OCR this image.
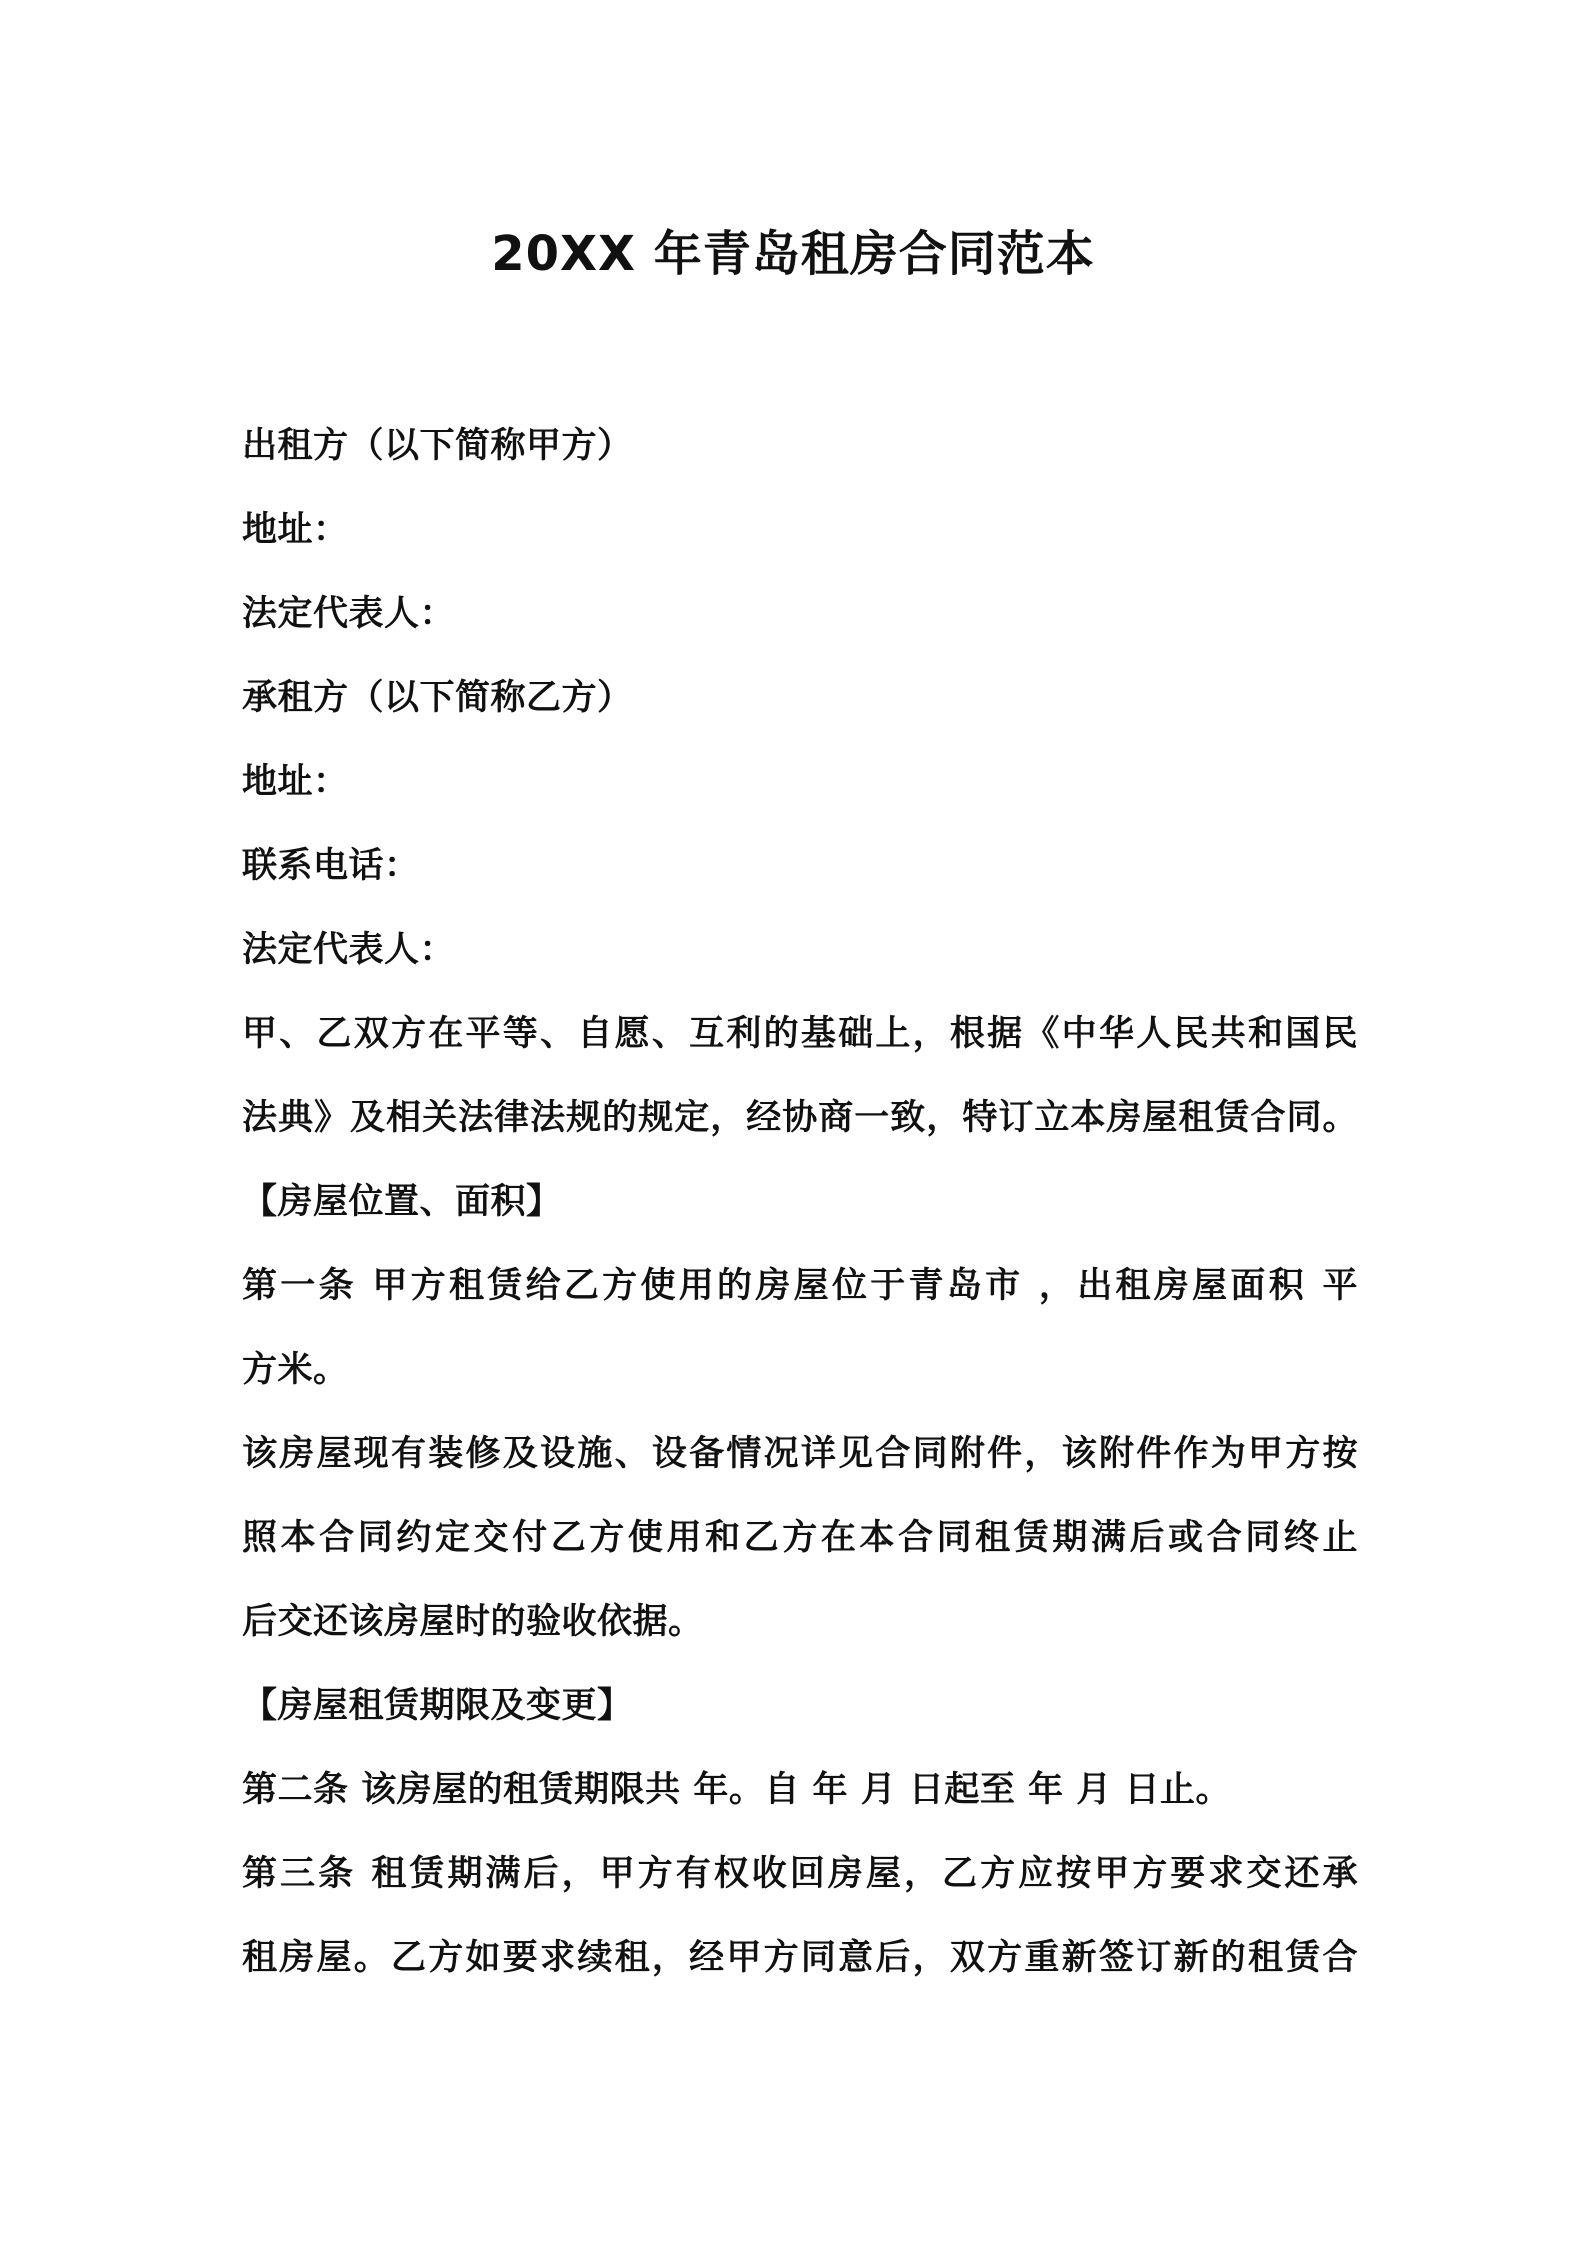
20XX 年青岛租房合同范本
出租方（以下简称甲方）
地址：
法定代表人：
承租方（以下简称乙方）
地址：
联系电话：
法定代表人：
甲、乙双方在平等、自愿、互利的基础上，根据《中华人民共和国民
法典》及相关法律法规的规定，经协商一致，特订立本房屋租赁合同。
【房屋位置、面积】
第一条 甲方租赁给乙方使用的房屋位于青岛市 ，出租房屋面积 平
方米。
该房屋现有装修及设施、设备情况详见合同附件，该附件作为甲方按
照本合同约定交付乙方使用和乙方在本合同租赁期满后或合同终止
后交还该房屋时的验收依据。
【房屋租赁期限及变更】
第二条 该房屋的租赁期限共 年。自 年 月 日起至 年 月 日止。
第三条 租赁期满后，甲方有权收回房屋，乙方应按甲方要求交还承
租房屋。乙方如要求续租，经甲方同意后，双方重新签订新的租赁合
